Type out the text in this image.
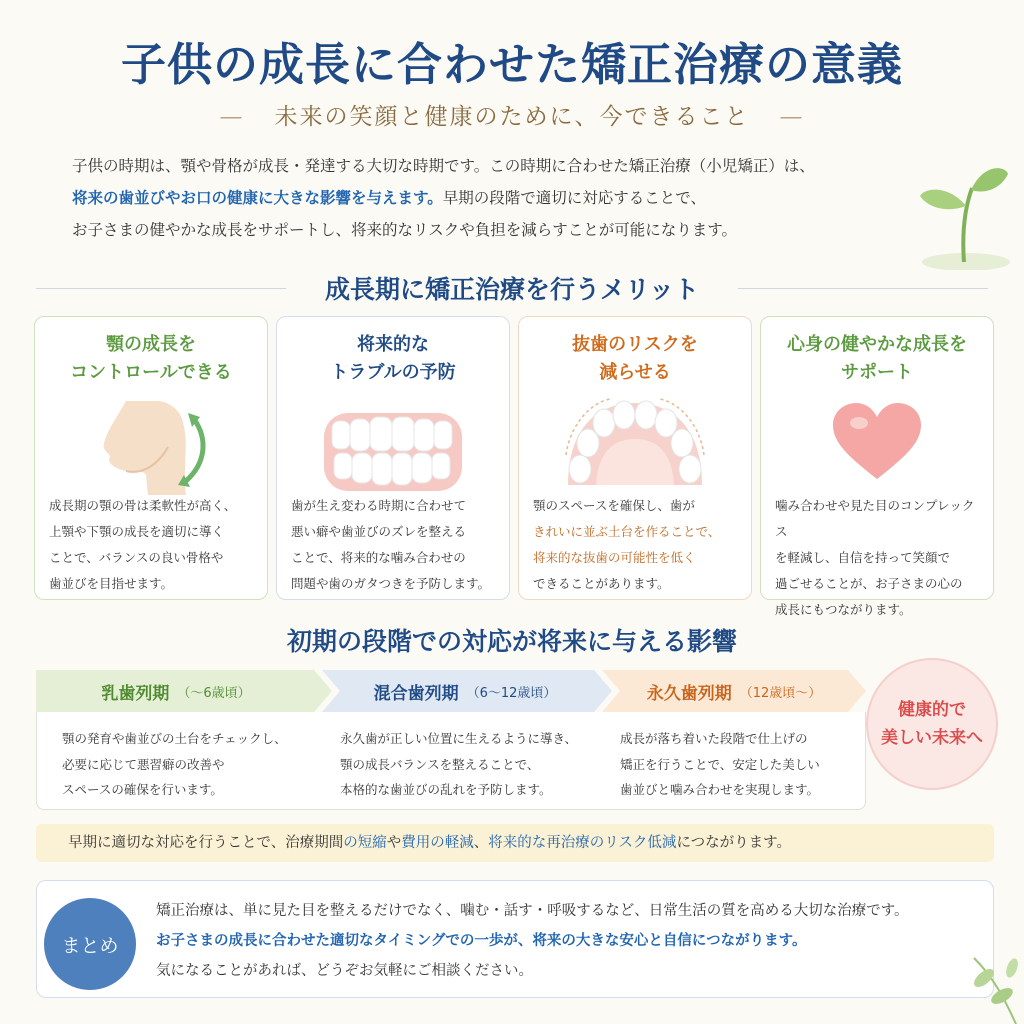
子供の成長に合わせた矯正治療の意義
— 未来の笑顔と健康のために、今できること —
子供の時期は、顎や骨格が成長・発達する大切な時期です。この時期に合わせた矯正治療（小児矯正）は、
将来の歯並びやお口の健康に大きな影響を与えます。早期の段階で適切に対応することで、
お子さまの健やかな成長をサポートし、将来的なリスクや負担を減らすことが可能になります。
成長期に矯正治療を行うメリット
顎の成長を
コントロールできる
成長期の顎の骨は柔軟性が高く、
上顎や下顎の成長を適切に導く
ことで、バランスの良い骨格や
歯並びを目指せます。
将来的な
トラブルの予防
歯が生え変わる時期に合わせて
悪い癖や歯並びのズレを整える
ことで、将来的な噛み合わせの
問題や歯のガタつきを予防します。
抜歯のリスクを
減らせる
顎のスペースを確保し、歯が
きれいに並ぶ土台を作ることで、
将来的な抜歯の可能性を低く
できることがあります。
心身の健やかな成長を
サポート
噛み合わせや見た目のコンプレックス
を軽減し、自信を持って笑顔で
過ごせることが、お子さまの心の
成長にもつながります。
初期の段階での対応が将来に与える影響
乳歯列期 （〜6歳頃）	混合歯列期 （6〜12歳頃）	永久歯列期 （12歳頃〜）
顎の発育や歯並びの土台をチェックし、
必要に応じて悪習癖の改善や
スペースの確保を行います。
永久歯が正しい位置に生えるように導き、
顎の成長バランスを整えることで、
本格的な歯並びの乱れを予防します。
成長が落ち着いた段階で仕上げの
矯正を行うことで、安定した美しい
歯並びと噛み合わせを実現します。
健康的で
美しい未来へ
早期に適切な対応を行うことで、治療期間の短縮や費用の軽減、将来的な再治療のリスク低減につながります。
まとめ
矯正治療は、単に見た目を整えるだけでなく、噛む・話す・呼吸するなど、日常生活の質を高める大切な治療です。
お子さまの成長に合わせた適切なタイミングでの一歩が、将来の大きな安心と自信につながります。
気になることがあれば、どうぞお気軽にご相談ください。
